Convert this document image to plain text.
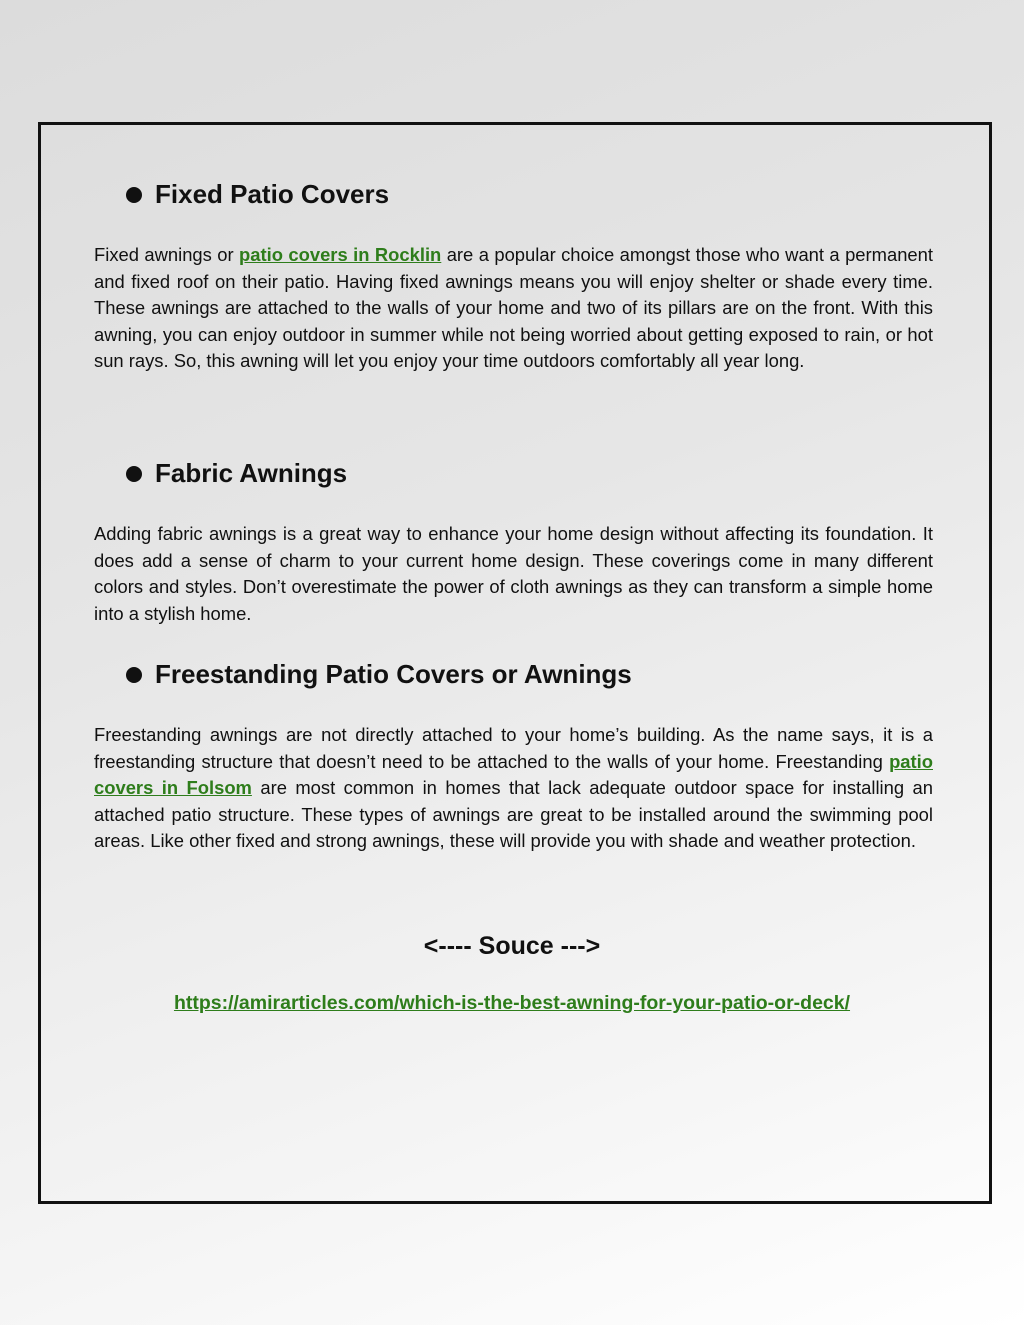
Fixed Patio Covers

Fixed awnings or patio covers in Rocklin are a popular choice amongst those who want a permanent and fixed roof on their patio. Having fixed awnings means you will enjoy shelter or shade every time. These awnings are attached to the walls of your home and two of its pillars are on the front. With this awning, you can enjoy outdoor in summer while not being worried about getting exposed to rain, or hot sun rays. So, this awning will let you enjoy your time outdoors comfortably all year long.

Fabric Awnings

Adding fabric awnings is a great way to enhance your home design without affecting its foundation. It does add a sense of charm to your current home design. These coverings come in many different colors and styles. Don’t overestimate the power of cloth awnings as they can transform a simple home into a stylish home.

Freestanding Patio Covers or Awnings

Freestanding awnings are not directly attached to your home’s building. As the name says, it is a freestanding structure that doesn’t need to be attached to the walls of your home. Freestanding patio covers in Folsom are most common in homes that lack adequate outdoor space for installing an attached patio structure. These types of awnings are great to be installed around the swimming pool areas. Like other fixed and strong awnings, these will provide you with shade and weather protection.

<---- Souce --->
https://amirarticles.com/which-is-the-best-awning-for-your-patio-or-deck/
